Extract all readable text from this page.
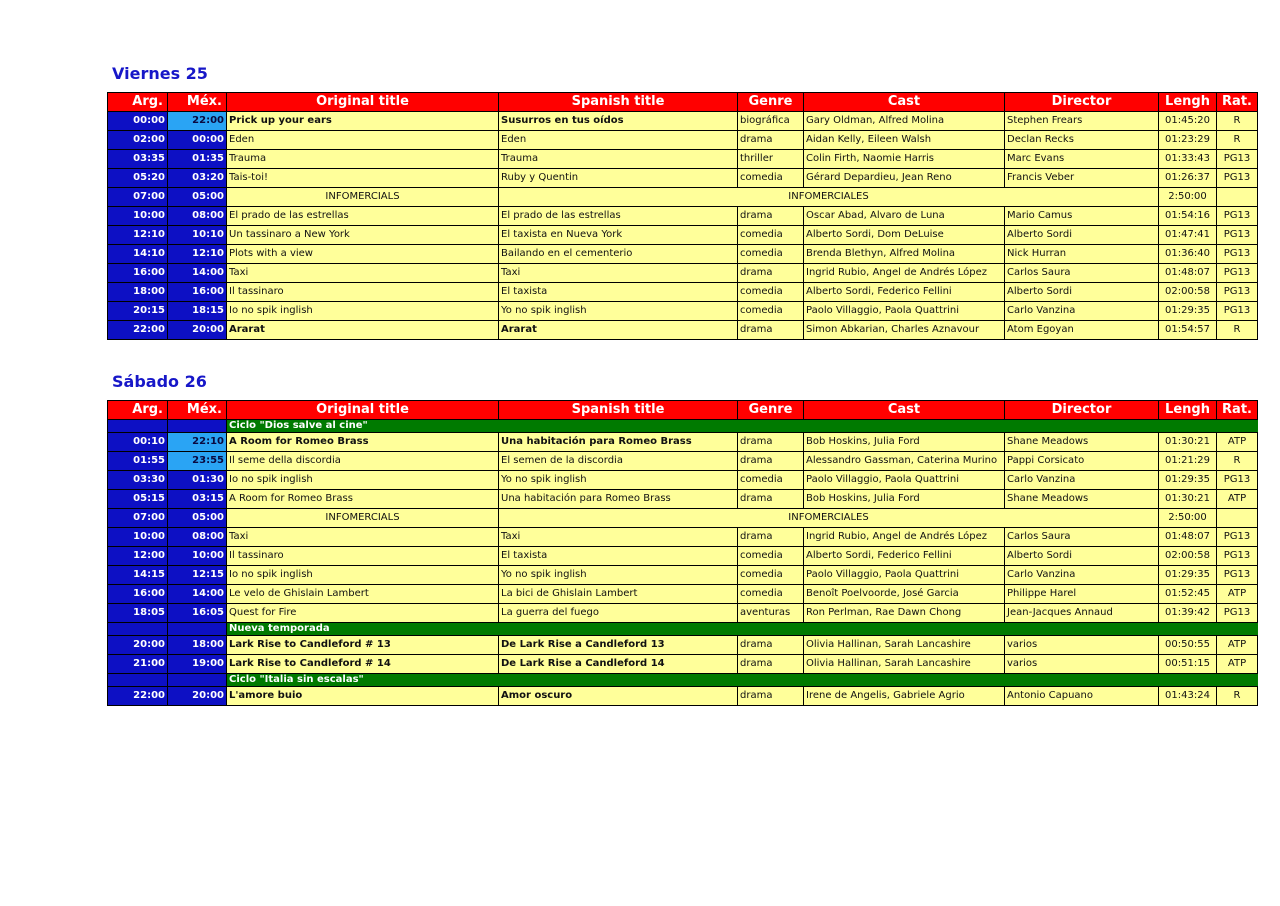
Viernes 25
Arg.	Méx.	Original title	Spanish title	Genre	Cast	Director	Lengh	Rat.
00:00	22:00	Prick up your ears	Susurros en tus oídos	biográfica	Gary Oldman, Alfred Molina	Stephen Frears	01:45:20	R
02:00	00:00	Eden	Eden	drama	Aidan Kelly, Eileen Walsh	Declan Recks	01:23:29	R
03:35	01:35	Trauma	Trauma	thriller	Colin Firth, Naomie Harris	Marc Evans	01:33:43	PG13
05:20	03:20	Tais-toi!	Ruby y Quentin	comedia	Gérard Depardieu, Jean Reno	Francis Veber	01:26:37	PG13
07:00	05:00	INFOMERCIALS	INFOMERCIALES				2:50:00	
10:00	08:00	El prado de las estrellas	El prado de las estrellas	drama	Oscar Abad, Alvaro de Luna	Mario Camus	01:54:16	PG13
12:10	10:10	Un tassinaro a New York	El taxista en Nueva York	comedia	Alberto Sordi, Dom DeLuise	Alberto Sordi	01:47:41	PG13
14:10	12:10	Plots with a view	Bailando en el cementerio	comedia	Brenda Blethyn, Alfred Molina	Nick Hurran	01:36:40	PG13
16:00	14:00	Taxi	Taxi	drama	Ingrid Rubio, Angel de Andrés López	Carlos Saura	01:48:07	PG13
18:00	16:00	Il tassinaro	El taxista	comedia	Alberto Sordi, Federico Fellini	Alberto Sordi	02:00:58	PG13
20:15	18:15	Io no spik inglish	Yo no spik inglish	comedia	Paolo Villaggio, Paola Quattrini	Carlo Vanzina	01:29:35	PG13
22:00	20:00	Ararat	Ararat	drama	Simon Abkarian, Charles Aznavour	Atom Egoyan	01:54:57	R
Sábado 26
Arg.	Méx.	Original title	Spanish title	Genre	Cast	Director	Lengh	Rat.
		Ciclo "Dios salve al cine"						
00:10	22:10	A Room for Romeo Brass	Una habitación para Romeo Brass	drama	Bob Hoskins, Julia Ford	Shane Meadows	01:30:21	ATP
01:55	23:55	Il seme della discordia	El semen de la discordia	drama	Alessandro Gassman, Caterina Murino	Pappi Corsicato	01:21:29	R
03:30	01:30	Io no spik inglish	Yo no spik inglish	comedia	Paolo Villaggio, Paola Quattrini	Carlo Vanzina	01:29:35	PG13
05:15	03:15	A Room for Romeo Brass	Una habitación para Romeo Brass	drama	Bob Hoskins, Julia Ford	Shane Meadows	01:30:21	ATP
07:00	05:00	INFOMERCIALS	INFOMERCIALES				2:50:00	
10:00	08:00	Taxi	Taxi	drama	Ingrid Rubio, Angel de Andrés López	Carlos Saura	01:48:07	PG13
12:00	10:00	Il tassinaro	El taxista	comedia	Alberto Sordi, Federico Fellini	Alberto Sordi	02:00:58	PG13
14:15	12:15	Io no spik inglish	Yo no spik inglish	comedia	Paolo Villaggio, Paola Quattrini	Carlo Vanzina	01:29:35	PG13
16:00	14:00	Le velo de Ghislain Lambert	La bici de Ghislain Lambert	comedia	Benoît Poelvoorde, José Garcia	Philippe Harel	01:52:45	ATP
18:05	16:05	Quest for Fire	La guerra del fuego	aventuras	Ron Perlman, Rae Dawn Chong	Jean-Jacques Annaud	01:39:42	PG13
		Nueva temporada						
20:00	18:00	Lark Rise to Candleford # 13	De Lark Rise a Candleford 13	drama	Olivia Hallinan, Sarah Lancashire	varios	00:50:55	ATP
21:00	19:00	Lark Rise to Candleford # 14	De Lark Rise a Candleford 14	drama	Olivia Hallinan, Sarah Lancashire	varios	00:51:15	ATP
		Ciclo "Italia sin escalas"						
22:00	20:00	L'amore buio	Amor oscuro	drama	Irene de Angelis, Gabriele Agrio	Antonio Capuano	01:43:24	R
